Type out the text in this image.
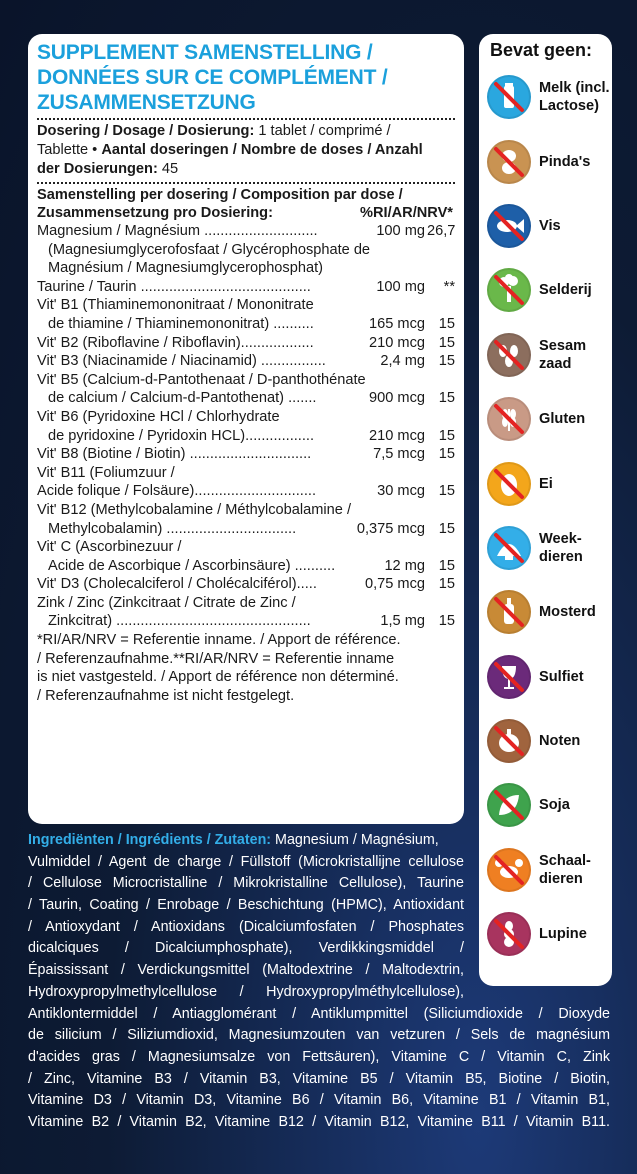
SUPPLEMENT SAMENSTELLING /
DONNÉES SUR CE COMPLÉMENT /
ZUSAMMENSETZUNG
Dosering / Dosage / Dosierung: 1 tablet / comprimé /
Tablette • Aantal doseringen / Nombre de doses / Anzahl
der Dosierungen: 45
Samenstelling per dosering / Composition par dose /
Zusammensetzung pro Dosiering:	%RI/AR/NRV*
Magnesium / Magnésium ............................	100 mg 26,7
(Magnesiumglycerofosfaat / Glycérophosphate de
Magnésium / Magnesiumglycerophosphat)
Taurine / Taurin ..........................................	100 mg	**
Vit' B1 (Thiaminemononitraat / Mononitrate
de thiamine / Thiaminemononitrat) ..........	165 mcg 15
Vit' B2 (Riboflavine / Riboflavin)..................	210 mcg 15
Vit' B3 (Niacinamide / Niacinamid) ................	2,4 mg 15
Vit' B5 (Calcium-d-Pantothenaat / D-panthothénate
de calcium / Calcium-d-Pantothenat) .......	900 mcg 15
Vit' B6 (Pyridoxine HCl / Chlorhydrate
de pyridoxine / Pyridoxin HCL).................	210 mcg 15
Vit' B8 (Biotine / Biotin) ..............................	7,5 mcg 15
Vit' B11 (Foliumzuur /
Acide folique / Folsäure)..............................	30 mcg 15
Vit' B12 (Methylcobalamine / Méthylcobalamine /
Methylcobalamin) ................................	0,375 mcg 15
Vit' C (Ascorbinezuur /
Acide de Ascorbique / Ascorbinsäure) ..........	12 mg 15
Vit' D3 (Cholecalciferol / Cholécalciférol).....	0,75 mcg 15
Zink / Zinc (Zinkcitraat / Citrate de Zinc /
Zinkcitrat) ................................................	1,5 mg 15
*RI/AR/NRV = Referentie inname. / Apport de référence.
/ Referenzaufnahme.**RI/AR/NRV = Referentie inname
is niet vastgesteld. / Apport de référence non déterminé.
/ Referenzaufnahme ist nicht festgelegt.
Ingrediënten / Ingrédients / Zutaten: Magnesium / Magnésium,
Vulmiddel / Agent de charge / Füllstoff (Microkristallijne cellulose
/ Cellulose Microcristalline / Mikrokristalline Cellulose), Taurine
/ Taurin, Coating / Enrobage / Beschichtung (HPMC), Antioxidant
/ Antioxydant / Antioxidans (Dicalciumfosfaten / Phosphates
dicalciques / Dicalciumphosphate), Verdikkingsmiddel /
Épaississant / Verdickungsmittel (Maltodextrine / Maltodextrin,
Hydroxypropylmethylcellulose / Hydroxypropylméthylcellulose),
Antiklontermiddel / Antiagglomérant / Antiklumpmittel (Siliciumdioxide / Dioxyde
de silicium / Siliziumdioxid, Magnesiumzouten van vetzuren / Sels de magnésium
d'acides gras / Magnesiumsalze von Fettsäuren), Vitamine C / Vitamin C, Zink
/ Zinc, Vitamine B3 / Vitamin B3, Vitamine B5 / Vitamin B5, Biotine / Biotin,
Vitamine D3 / Vitamin D3, Vitamine B6 / Vitamin B6, Vitamine B1 / Vitamin B1,
Vitamine B2 / Vitamin B2, Vitamine B12 / Vitamin B12, Vitamine B11 / Vitamin B11.
Bevat geen:
Melk (incl. Lactose)
Pinda's
Vis
Selderij
Sesam zaad
Gluten
Ei
Week- dieren
Mosterd
Sulfiet
Noten
Soja
Schaal- dieren
Lupine
